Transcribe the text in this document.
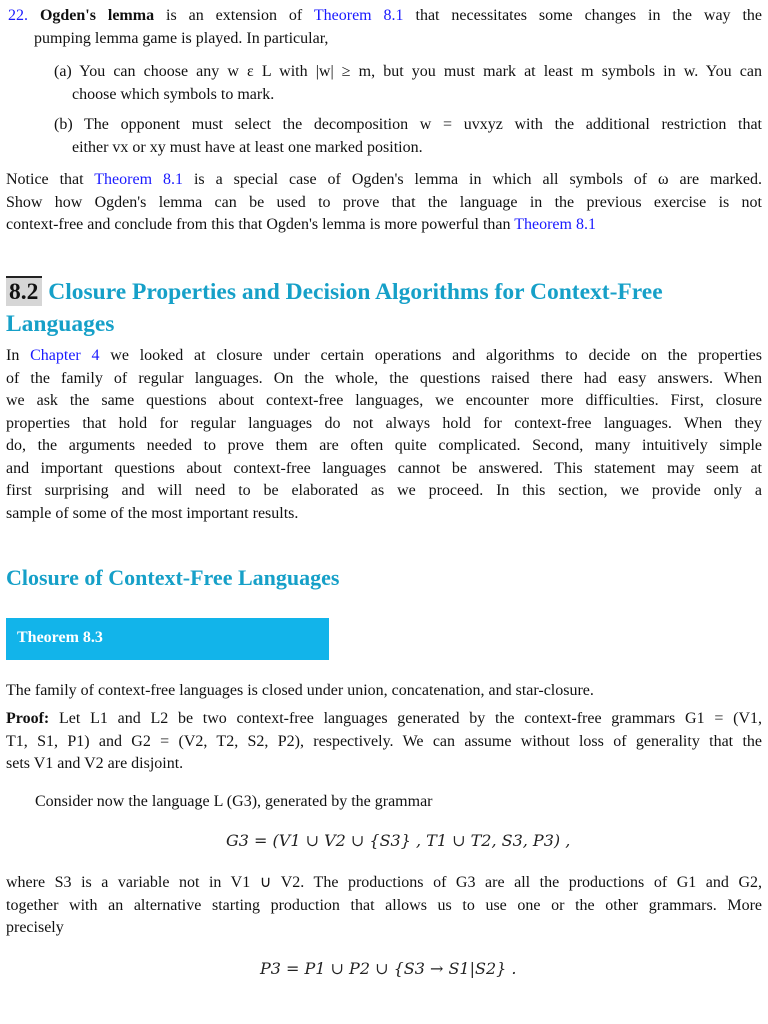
22. Ogden's lemma is an extension of Theorem 8.1 that necessitates some changes in the way the
pumping lemma game is played. In particular,
(a) You can choose any w ε L with |w| ≥ m, but you must mark at least m symbols in w. You can
choose which symbols to mark.
(b) The opponent must select the decomposition w = uvxyz with the additional restriction that
either vx or xy must have at least one marked position.
Notice that Theorem 8.1 is a special case of Ogden's lemma in which all symbols of ω are marked.
Show how Ogden's lemma can be used to prove that the language in the previous exercise is not
context-free and conclude from this that Ogden's lemma is more powerful than Theorem 8.1
8.2 Closure Properties and Decision Algorithms for Context-Free
Languages
In Chapter 4 we looked at closure under certain operations and algorithms to decide on the properties
of the family of regular languages. On the whole, the questions raised there had easy answers. When
we ask the same questions about context-free languages, we encounter more difficulties. First, closure
properties that hold for regular languages do not always hold for context-free languages. When they
do, the arguments needed to prove them are often quite complicated. Second, many intuitively simple
and important questions about context-free languages cannot be answered. This statement may seem at
first surprising and will need to be elaborated as we proceed. In this section, we provide only a
sample of some of the most important results.
Closure of Context-Free Languages
Theorem 8.3
The family of context-free languages is closed under union, concatenation, and star-closure.
Proof: Let L1 and L2 be two context-free languages generated by the context-free grammars G1 = (V1,
T1, S1, P1) and G2 = (V2, T2, S2, P2), respectively. We can assume without loss of generality that the
sets V1 and V2 are disjoint.
Consider now the language L (G3), generated by the grammar
G3 = (V1 ∪ V2 ∪ {S3} , T1 ∪ T2, S3, P3) ,
where S3 is a variable not in V1 ∪ V2. The productions of G3 are all the productions of G1 and G2,
together with an alternative starting production that allows us to use one or the other grammars. More
precisely
P3 = P1 ∪ P2 ∪ {S3 → S1|S2} .
